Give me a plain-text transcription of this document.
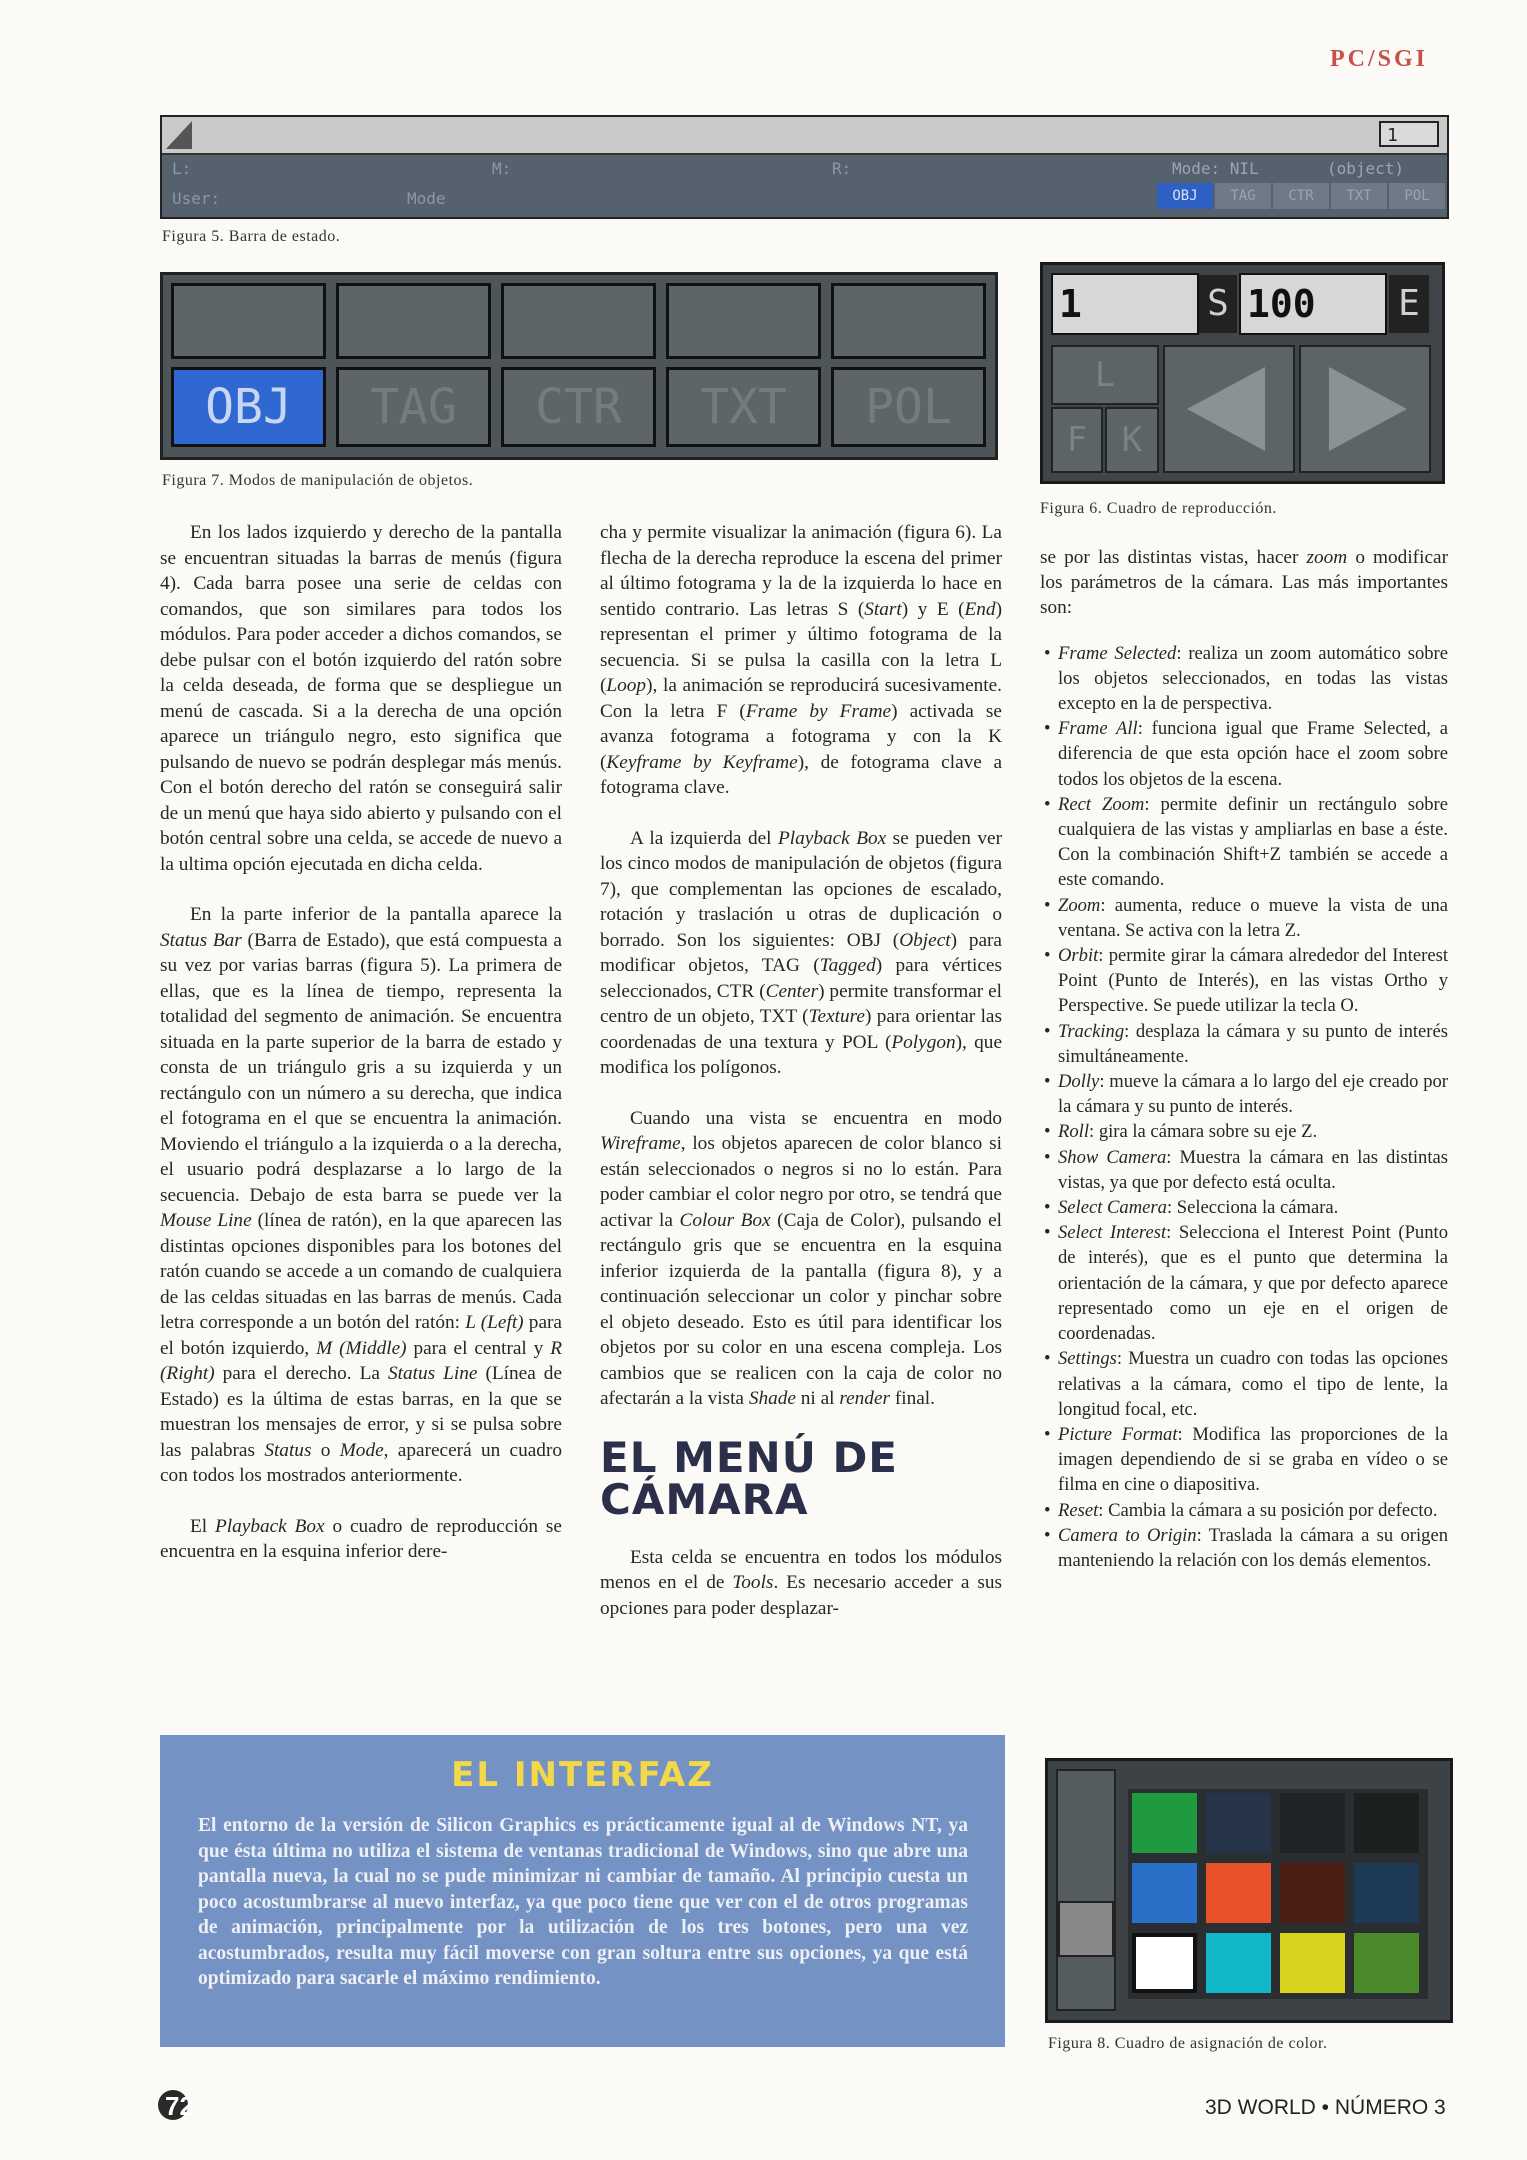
PC/SGI
1
L:	M:	R:
User:	Mode
Mode: NIL	(object)
OBJ	TAG	CTR	TXT	POL
Figura 5. Barra de estado.
OBJ	TAG	CTR	TXT	POL
Figura 7. Modos de manipulación de objetos.
1	S 100	E
L
F	K
Figura 6. Cuadro de reproducción.

En los lados izquierdo y derecho de la pantalla se encuentran situadas la barras de menús (figura 4). Cada barra posee una serie de celdas con comandos, que son similares para todos los módulos. Para poder acceder a dichos comandos, se debe pulsar con el botón izquierdo del ratón sobre la celda deseada, de forma que se despliegue un menú de cascada. Si a la derecha de una opción aparece un triángulo negro, esto significa que pulsando de nuevo se podrán desplegar más menús. Con el botón derecho del ratón se conseguirá salir de un menú que haya sido abierto y pulsando con el botón central sobre una celda, se accede de nuevo a la ultima opción ejecutada en dicha celda.

En la parte inferior de la pantalla aparece la Status Bar (Barra de Estado), que está compuesta a su vez por varias barras (figura 5). La primera de ellas, que es la línea de tiempo, representa la totalidad del segmento de animación. Se encuentra situada en la parte superior de la barra de estado y consta de un triángulo gris a su izquierda y un rectángulo con un número a su derecha, que indica el fotograma en el que se encuentra la animación. Moviendo el triángulo a la izquierda o a la derecha, el usuario podrá desplazarse a lo largo de la secuencia. Debajo de esta barra se puede ver la Mouse Line (línea de ratón), en la que aparecen las distintas opciones disponibles para los botones del ratón cuando se accede a un comando de cualquiera de las celdas situadas en las barras de menús. Cada letra corresponde a un botón del ratón: L (Left) para el botón izquierdo, M (Middle) para el central y R (Right) para el derecho. La Status Line (Línea de Estado) es la última de estas barras, en la que se muestran los mensajes de error, y si se pulsa sobre las palabras Status o Mode, aparecerá un cuadro con todos los mostrados anteriormente.

El Playback Box o cuadro de reproducción se encuentra en la esquina inferior dere-

cha y permite visualizar la animación (figura 6). La flecha de la derecha reproduce la escena del primer al último fotograma y la de la izquierda lo hace en sentido contrario. Las letras S (Start) y E (End) representan el primer y último fotograma de la secuencia. Si se pulsa la casilla con la letra L (Loop), la animación se reproducirá sucesivamente. Con la letra F (Frame by Frame) activada se avanza fotograma a fotograma y con la K (Keyframe by Keyframe), de fotograma clave a fotograma clave.

A la izquierda del Playback Box se pueden ver los cinco modos de manipulación de objetos (figura 7), que complementan las opciones de escalado, rotación y traslación u otras de duplicación o borrado. Son los siguientes: OBJ (Object) para modificar objetos, TAG (Tagged) para vértices seleccionados, CTR (Center) permite transformar el centro de un objeto, TXT (Texture) para orientar las coordenadas de una textura y POL (Polygon), que modifica los polígonos.

Cuando una vista se encuentra en modo Wireframe, los objetos aparecen de color blanco si están seleccionados o negros si no lo están. Para poder cambiar el color negro por otro, se tendrá que activar la Colour Box (Caja de Color), pulsando el rectángulo gris que se encuentra en la esquina inferior izquierda de la pantalla (figura 8), y a continuación seleccionar un color y pinchar sobre el objeto deseado. Esto es útil para identificar los objetos por su color en una escena compleja. Los cambios que se realicen con la caja de color no afectarán a la vista Shade ni al render final.

EL MENÚ DE
CÁMARA

Esta celda se encuentra en todos los módulos menos en el de Tools. Es necesario acceder a sus opciones para poder desplazar-

se por las distintas vistas, hacer zoom o modificar los parámetros de la cámara. Las más importantes son:

• Frame Selected: realiza un zoom automático sobre los objetos seleccionados, en todas las vistas excepto en la de perspectiva.
• Frame All: funciona igual que Frame Selected, a diferencia de que esta opción hace el zoom sobre todos los objetos de la escena.
• Rect Zoom: permite definir un rectángulo sobre cualquiera de las vistas y ampliarlas en base a éste. Con la combinación Shift+Z también se accede a este comando.
• Zoom: aumenta, reduce o mueve la vista de una ventana. Se activa con la letra Z.
• Orbit: permite girar la cámara alrededor del Interest Point (Punto de Interés), en las vistas Ortho y Perspective. Se puede utilizar la tecla O.
• Tracking: desplaza la cámara y su punto de interés simultáneamente.
• Dolly: mueve la cámara a lo largo del eje creado por la cámara y su punto de interés.
• Roll: gira la cámara sobre su eje Z.
• Show Camera: Muestra la cámara en las distintas vistas, ya que por defecto está oculta.
• Select Camera: Selecciona la cámara.
• Select Interest: Selecciona el Interest Point (Punto de interés), que es el punto que determina la orientación de la cámara, y que por defecto aparece representado como un eje en el origen de coordenadas.
• Settings: Muestra un cuadro con todas las opciones relativas a la cámara, como el tipo de lente, la longitud focal, etc.
• Picture Format: Modifica las proporciones de la imagen dependiendo de si se graba en vídeo o se filma en cine o diapositiva.
• Reset: Cambia la cámara a su posición por defecto.
• Camera to Origin: Traslada la cámara a su origen manteniendo la relación con los demás elementos.
EL INTERFAZ
El entorno de la versión de Silicon Graphics es prácticamente igual al de Windows NT, ya que ésta última no utiliza el sistema de ventanas tradicional de Windows, sino que abre una pantalla nueva, la cual no se pude minimizar ni cambiar de tamaño. Al principio cuesta un poco acostumbrarse al nuevo interfaz, ya que poco tiene que ver con el de otros programas de animación, principalmente por la utilización de los tres botones, pero una vez acostumbrados, resulta muy fácil moverse con gran soltura entre sus opciones, ya que está optimizado para sacarle el máximo rendimiento.
Figura 8. Cuadro de asignación de color.
72	3D WORLD • NÚMERO 3
